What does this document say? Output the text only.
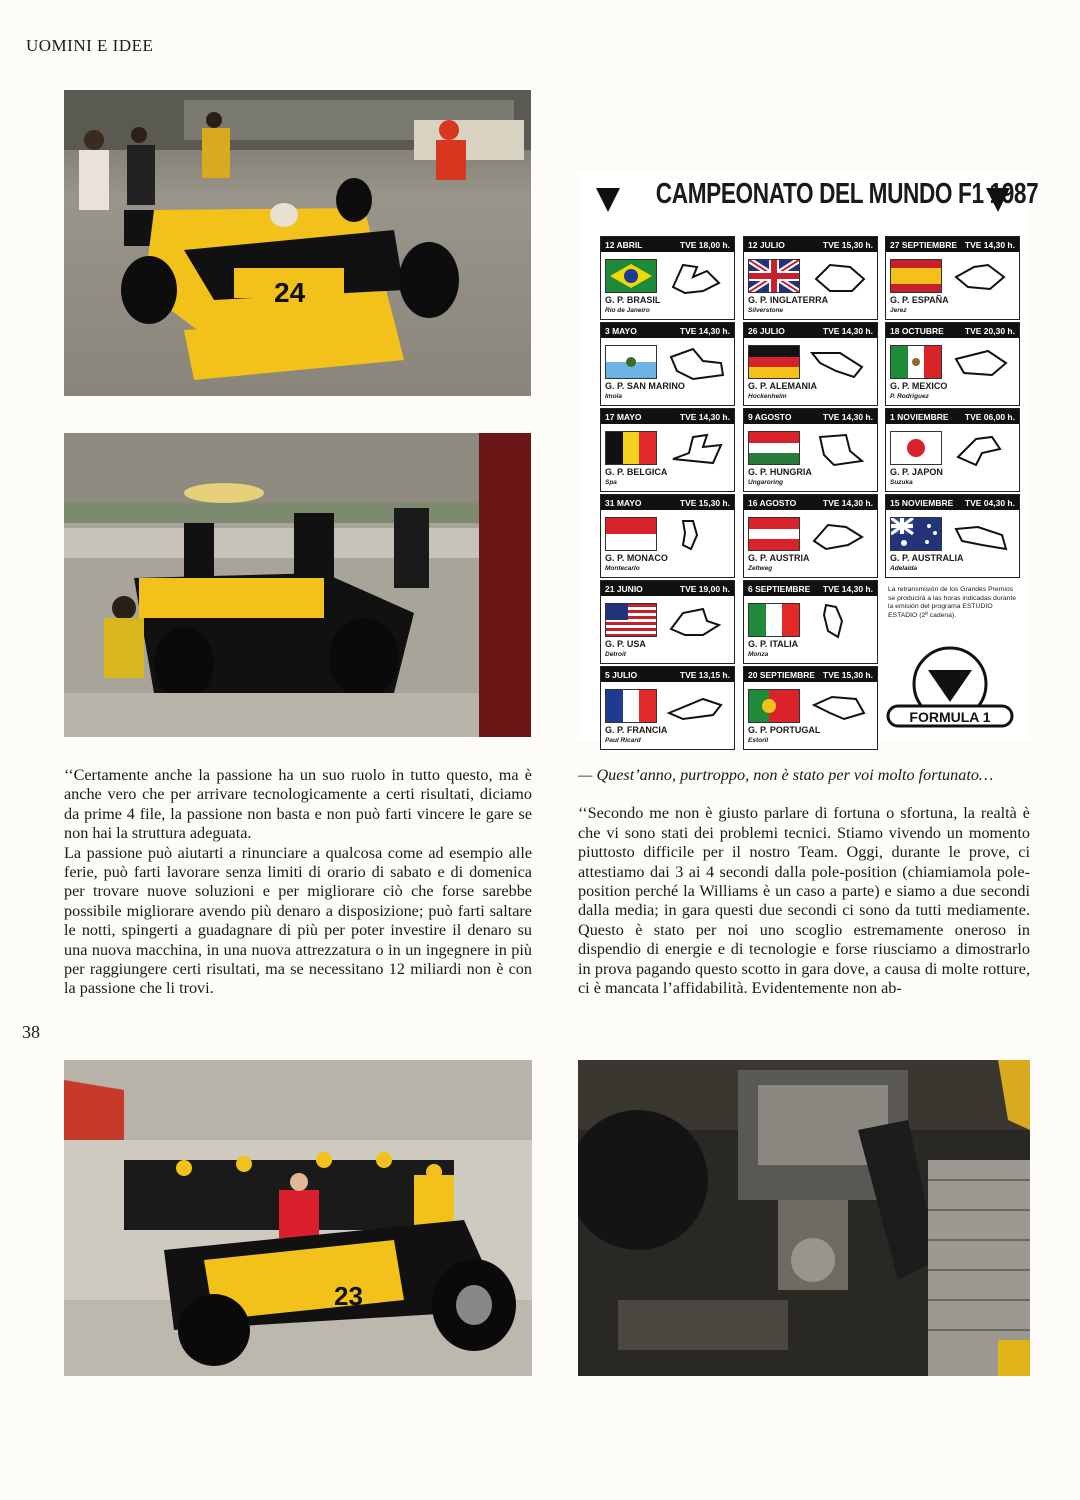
UOMINI E IDEE
24
CAMPEONATO DEL MUNDO F1 1987
12 ABRIL	TVE 18,00 h.
G. P. BRASIL
Rio de Janeiro
3 MAYO	TVE 14,30 h.
G. P. SAN MARINO
Imola
17 MAYO	TVE 14,30 h.
G. P. BELGICA
Spa
31 MAYO	TVE 15,30 h.
G. P. MONACO
Montecarlo
21 JUNIO	TVE 19,00 h.
G. P. USA
Detroit
5 JULIO	TVE 13,15 h.
G. P. FRANCIA
Paul Ricard
12 JULIO	TVE 15,30 h.
G. P. INGLATERRA
Silverstone
26 JULIO	TVE 14,30 h.
G. P. ALEMANIA
Hockenheim
9 AGOSTO	TVE 14,30 h.
G. P. HUNGRIA
Ungaroring
16 AGOSTO	TVE 14,30 h.
G. P. AUSTRIA
Zeltweg
6 SEPTIEMBRE TVE 14,30 h.
G. P. ITALIA
Monza
20 SEPTIEMBRE TVE 15,30 h.
G. P. PORTUGAL
Estoril
27 SEPTIEMBRE TVE 14,30 h.
G. P. ESPAÑA
Jerez
18 OCTUBRE TVE 20,30 h.
G. P. MEXICO
P. Rodriguez
1 NOVIEMBRE TVE 06,00 h.
G. P. JAPON
Suzuka
15 NOVIEMBRE TVE 04,30 h.
G. P. AUSTRALIA
Adelaida
La retransmisión de los Grandes Premios se producirá a las horas indicadas durante la emisión del programa ESTUDIO ESTADIO (2ª cadena).
FORMULA 1

‘‘Certamente anche la passione ha un suo ruolo in tutto questo, ma è anche vero che per arrivare tecnologicamente a certi risultati, diciamo da prime 4 file, la passione non basta e non può farti vincere le gare se non hai la struttura adeguata.

La passione può aiutarti a rinunciare a qualcosa come ad esempio alle ferie, può farti lavorare senza limiti di orario di sabato e di domenica per trovare nuove soluzioni e per migliorare ciò che forse sarebbe possibile migliorare avendo più denaro a disposizione; può farti saltare le notti, spingerti a guadagnare di più per poter investire il denaro su una nuova macchina, in una nuova attrezzatura o in un ingegnere in più per raggiungere certi risultati, ma se necessitano 12 miliardi non è con la passione che li trovi.

— Quest’anno, purtroppo, non è stato per voi molto fortunato…

‘‘Secondo me non è giusto parlare di fortuna o sfortuna, la realtà è che vi sono stati dei problemi tecnici. Stiamo vivendo un momento piuttosto difficile per il nostro Team. Oggi, durante le prove, ci attestiamo dai 3 ai 4 secondi dalla pole-position (chiamiamola pole-position perché la Williams è un caso a parte) e siamo a due secondi dalla media; in gara questi due secondi ci sono da tutti mediamente. Questo è stato per noi uno scoglio estremamente oneroso in dispendio di energie e di tecnologie e forse riusciamo a dimostrarlo in prova pagando questo scotto in gara dove, a causa di molte rotture, ci è mancata l’affidabilità. Evidentemente non ab-

23
38
